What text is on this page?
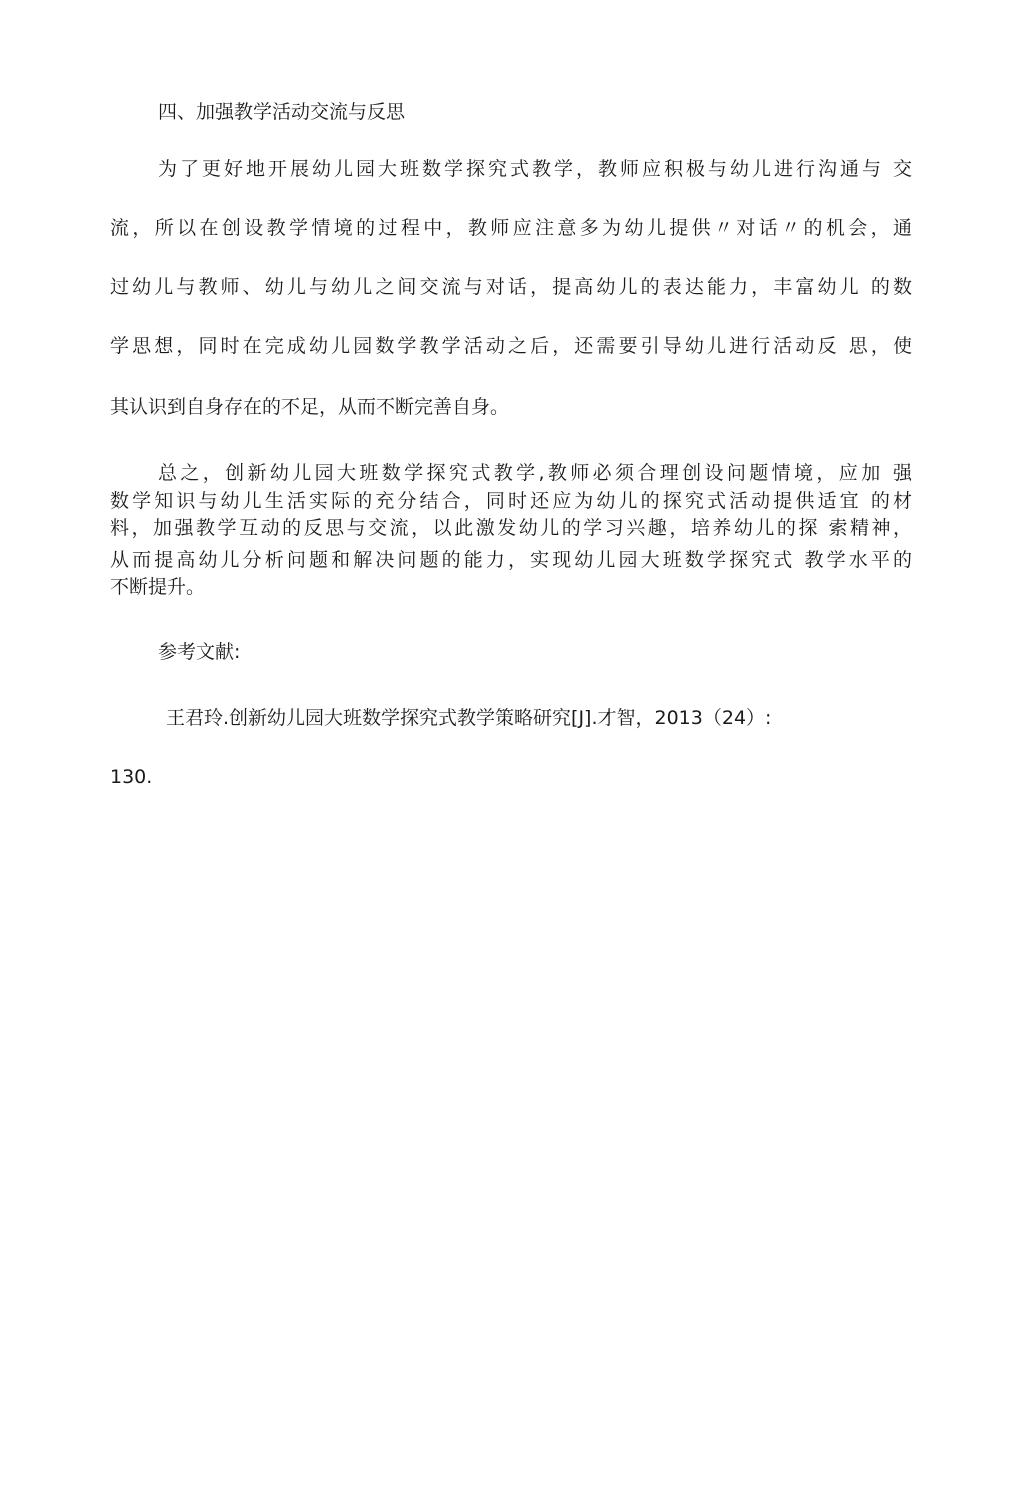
四、加强教学活动交流与反思
为了更好地开展幼儿园大班数学探究式教学，教师应积极与幼儿进行沟通与 交
流，所以在创设教学情境的过程中，教师应注意多为幼儿提供〃对话〃的机会，通
过幼儿与教师、幼儿与幼儿之间交流与对话，提高幼儿的表达能力，丰富幼儿 的数
学思想，同时在完成幼儿园数学教学活动之后，还需要引导幼儿进行活动反 思，使
其认识到自身存在的不足，从而不断完善自身。
总之，创新幼儿园大班数学探究式教学,教师必须合理创设问题情境，应加 强
数学知识与幼儿生活实际的充分结合，同时还应为幼儿的探究式活动提供适宜 的材
料，加强教学互动的反思与交流，以此激发幼儿的学习兴趣，培养幼儿的探 索精神，
从而提高幼儿分析问题和解决问题的能力，实现幼儿园大班数学探究式 教学水平的
不断提升。
参考文献:
王君玲.创新幼儿园大班数学探究式教学策略研究[J].才智，2013（24）:
130.
